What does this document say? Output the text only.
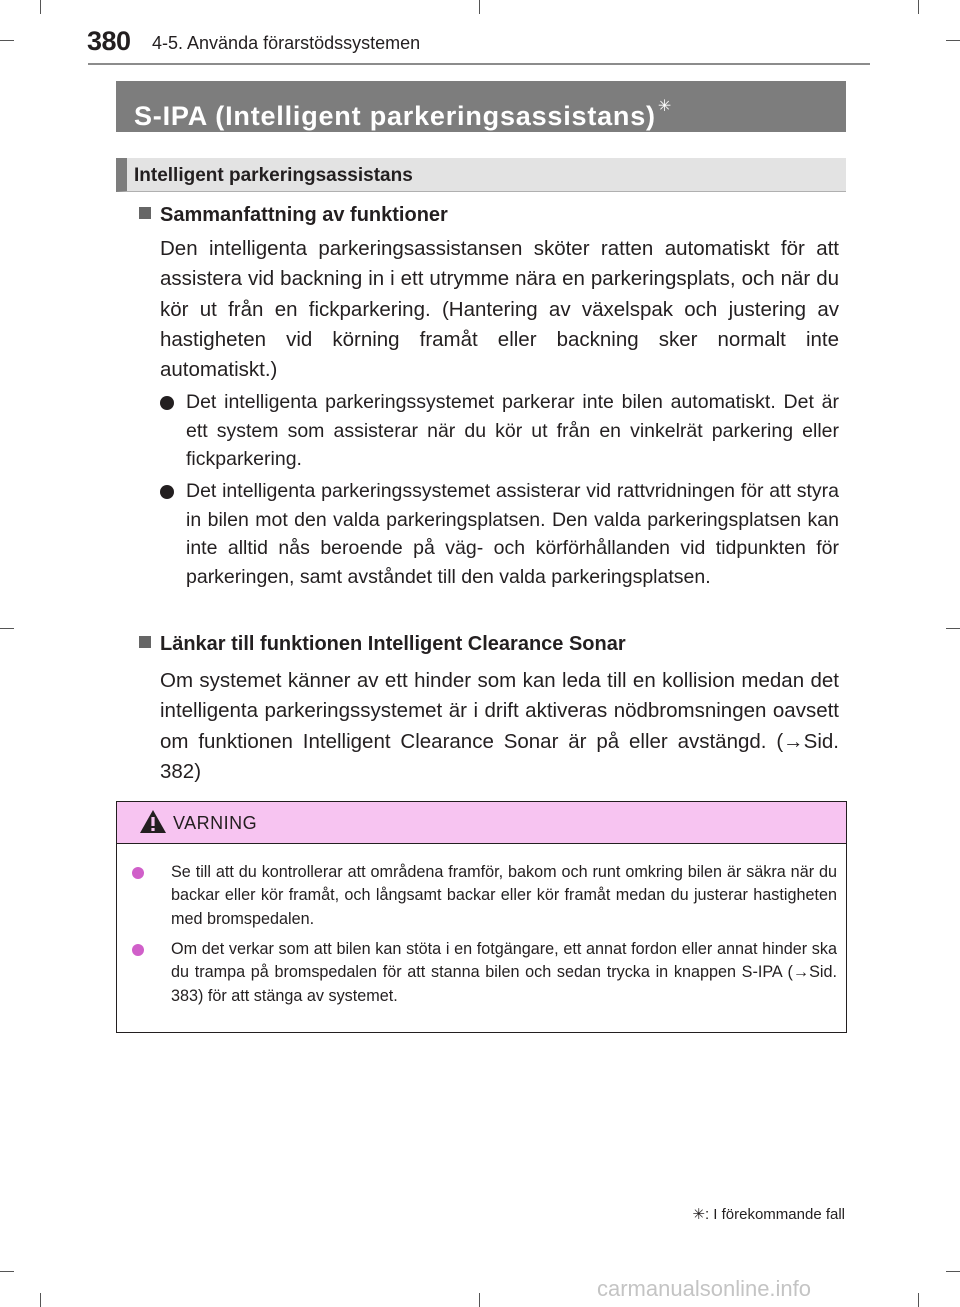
380 4-5. Använda förarstödssystemen
S-IPA (Intelligent parkeringsassistans) ✳
Intelligent parkeringsassistans
Sammanfattning av funktioner
Den intelligenta parkeringsassistansen sköter ratten automatiskt för att assistera vid backning in i ett utrymme nära en parkeringsplats, och när du kör ut från en fickparkering. (Hantering av växelspak och justering av hastigheten vid körning framåt eller backning sker normalt inte automatiskt.)
Det intelligenta parkeringssystemet parkerar inte bilen automatiskt. Det är ett system som assisterar när du kör ut från en vinkelrät parkering eller fickparkering.
Det intelligenta parkeringssystemet assisterar vid rattvridningen för att styra in bilen mot den valda parkeringsplatsen. Den valda parkeringsplatsen kan inte alltid nås beroende på väg- och körförhållanden vid tidpunkten för parkeringen, samt avståndet till den valda parkeringsplatsen.
Länkar till funktionen Intelligent Clearance Sonar
Om systemet känner av ett hinder som kan leda till en kollision medan det intelligenta parkeringssystemet är i drift aktiveras nödbromsningen oavsett om funktionen Intelligent Clearance Sonar är på eller avstängd. (→Sid. 382)
VARNING
Se till att du kontrollerar att områdena framför, bakom och runt omkring bilen är säkra när du backar eller kör framåt, och långsamt backar eller kör framåt medan du justerar hastigheten med bromspedalen.
Om det verkar som att bilen kan stöta i en fotgängare, ett annat fordon eller annat hinder ska du trampa på bromspedalen för att stanna bilen och sedan trycka in knappen S-IPA (→Sid. 383) för att stänga av systemet.
✳: I förekommande fall
carmanualsonline.info
